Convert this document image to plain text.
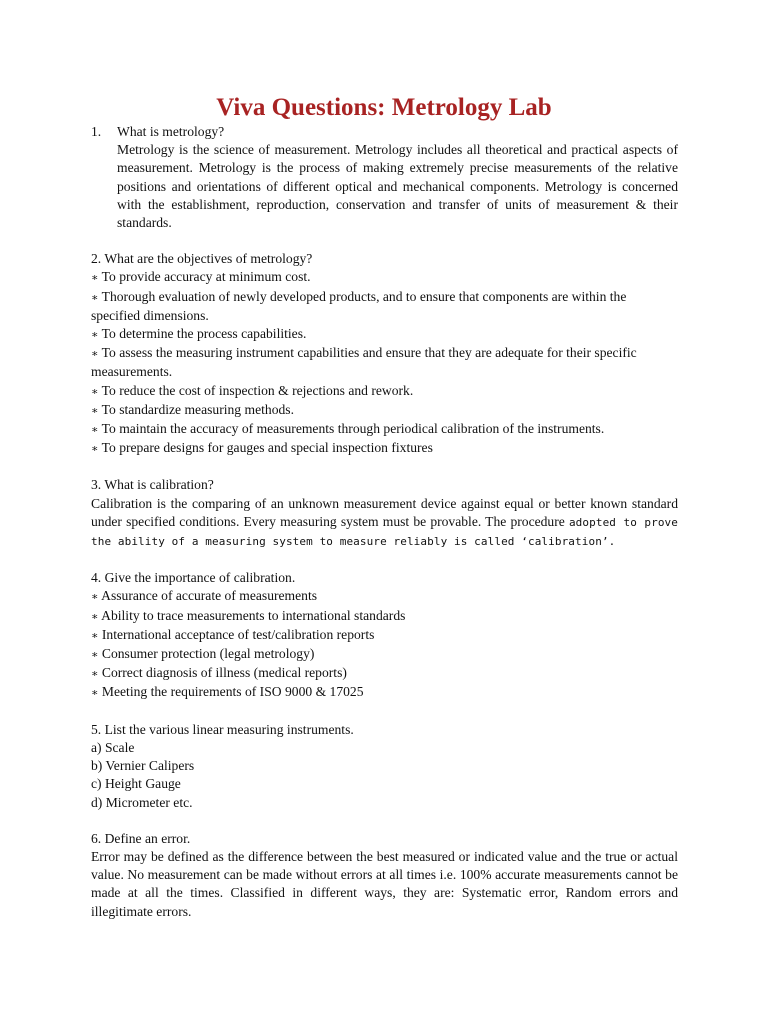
Viva Questions: Metrology Lab
1. What is metrology?
Metrology is the science of measurement. Metrology includes all theoretical and practical aspects of measurement. Metrology is the process of making extremely precise measurements of the relative positions and orientations of different optical and mechanical components. Metrology is concerned with the establishment, reproduction, conservation and transfer of units of measurement & their standards.
2. What are the objectives of metrology?
∗ To provide accuracy at minimum cost.
∗ Thorough evaluation of newly developed products, and to ensure that components are within the specified dimensions.
∗ To determine the process capabilities.
∗ To assess the measuring instrument capabilities and ensure that they are adequate for their specific measurements.
∗ To reduce the cost of inspection & rejections and rework.
∗ To standardize measuring methods.
∗ To maintain the accuracy of measurements through periodical calibration of the instruments.
∗ To prepare designs for gauges and special inspection fixtures
3. What is calibration?
Calibration is the comparing of an unknown measurement device against equal or better known standard under specified conditions. Every measuring system must be provable. The procedure adopted to prove the ability of a measuring system to measure reliably is called ‘calibration’.
4. Give the importance of calibration.
∗ Assurance of accurate of measurements
∗ Ability to trace measurements to international standards
∗ International acceptance of test/calibration reports
∗ Consumer protection (legal metrology)
∗ Correct diagnosis of illness (medical reports)
∗ Meeting the requirements of ISO 9000 & 17025
5. List the various linear measuring instruments.
a) Scale
b) Vernier Calipers
c) Height Gauge
d) Micrometer etc.
6. Define an error.
Error may be defined as the difference between the best measured or indicated value and the true or actual value. No measurement can be made without errors at all times i.e. 100% accurate measurements cannot be made at all the times. Classified in different ways, they are: Systematic error, Random errors and illegitimate errors.
